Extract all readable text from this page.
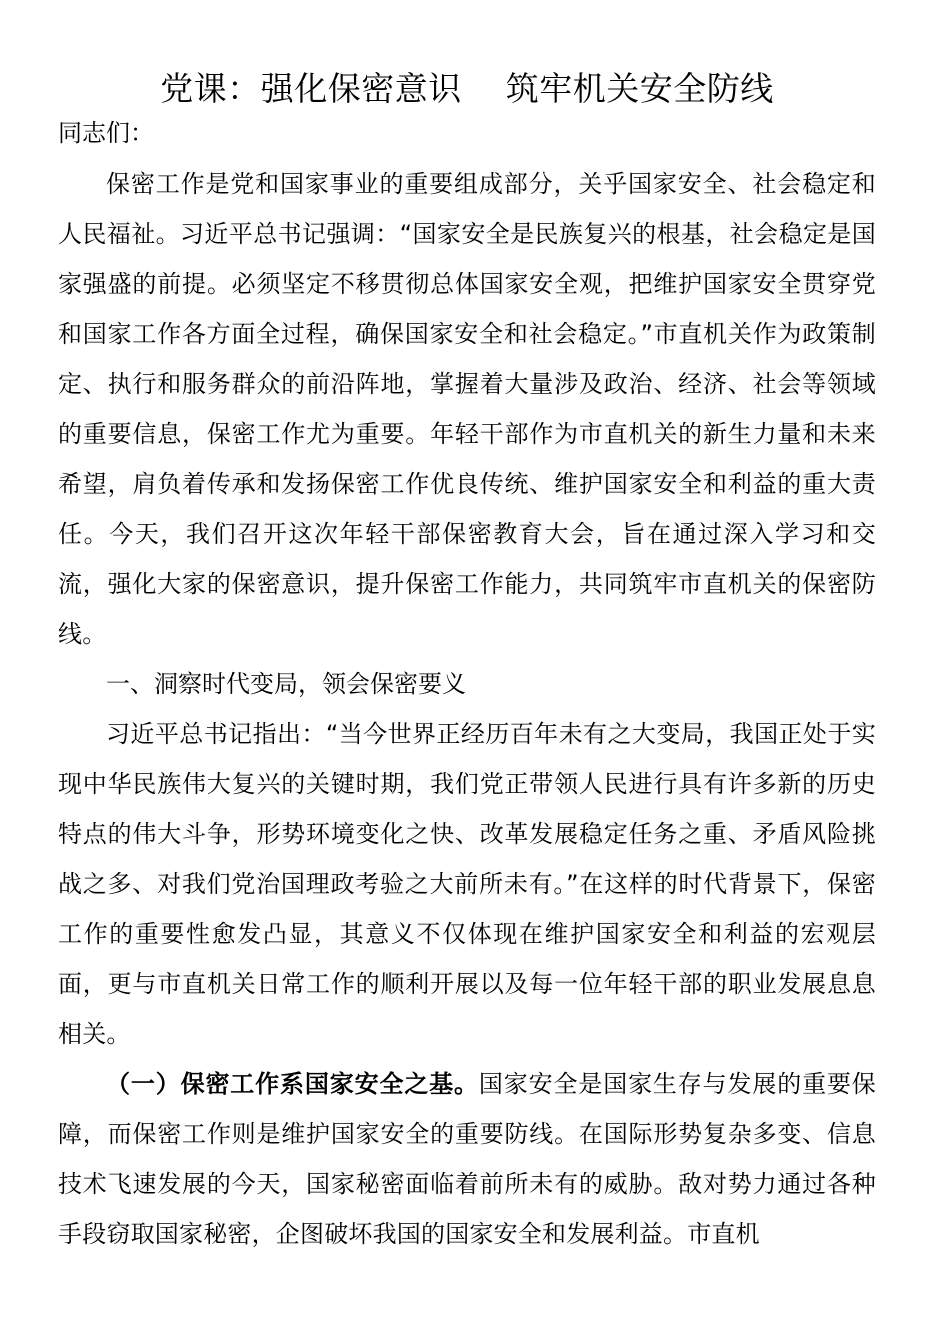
党课：强化保密意识    筑牢机关安全防线

同志们：

保密工作是党和国家事业的重要组成部分，关乎国家安全、社会稳定和人民福祉。习近平总书记强调：“国家安全是民族复兴的根基，社会稳定是国家强盛的前提。必须坚定不移贯彻总体国家安全观，把维护国家安全贯穿党和国家工作各方面全过程，确保国家安全和社会稳定。”市直机关作为政策制定、执行和服务群众的前沿阵地，掌握着大量涉及政治、经济、社会等领域的重要信息，保密工作尤为重要。年轻干部作为市直机关的新生力量和未来希望，肩负着传承和发扬保密工作优良传统、维护国家安全和利益的重大责任。今天，我们召开这次年轻干部保密教育大会，旨在通过深入学习和交流，强化大家的保密意识，提升保密工作能力，共同筑牢市直机关的保密防线。

一、洞察时代变局，领会保密要义

习近平总书记指出：“当今世界正经历百年未有之大变局，我国正处于实现中华民族伟大复兴的关键时期，我们党正带领人民进行具有许多新的历史特点的伟大斗争，形势环境变化之快、改革发展稳定任务之重、矛盾风险挑战之多、对我们党治国理政考验之大前所未有。”在这样的时代背景下，保密工作的重要性愈发凸显，其意义不仅体现在维护国家安全和利益的宏观层面，更与市直机关日常工作的顺利开展以及每一位年轻干部的职业发展息息相关。

（一）保密工作系国家安全之基。国家安全是国家生存与发展的重要保障，而保密工作则是维护国家安全的重要防线。在国际形势复杂多变、信息技术飞速发展的今天，国家秘密面临着前所未有的威胁。敌对势力通过各种手段窃取国家秘密，企图破坏我国的国家安全和发展利益。市直机
